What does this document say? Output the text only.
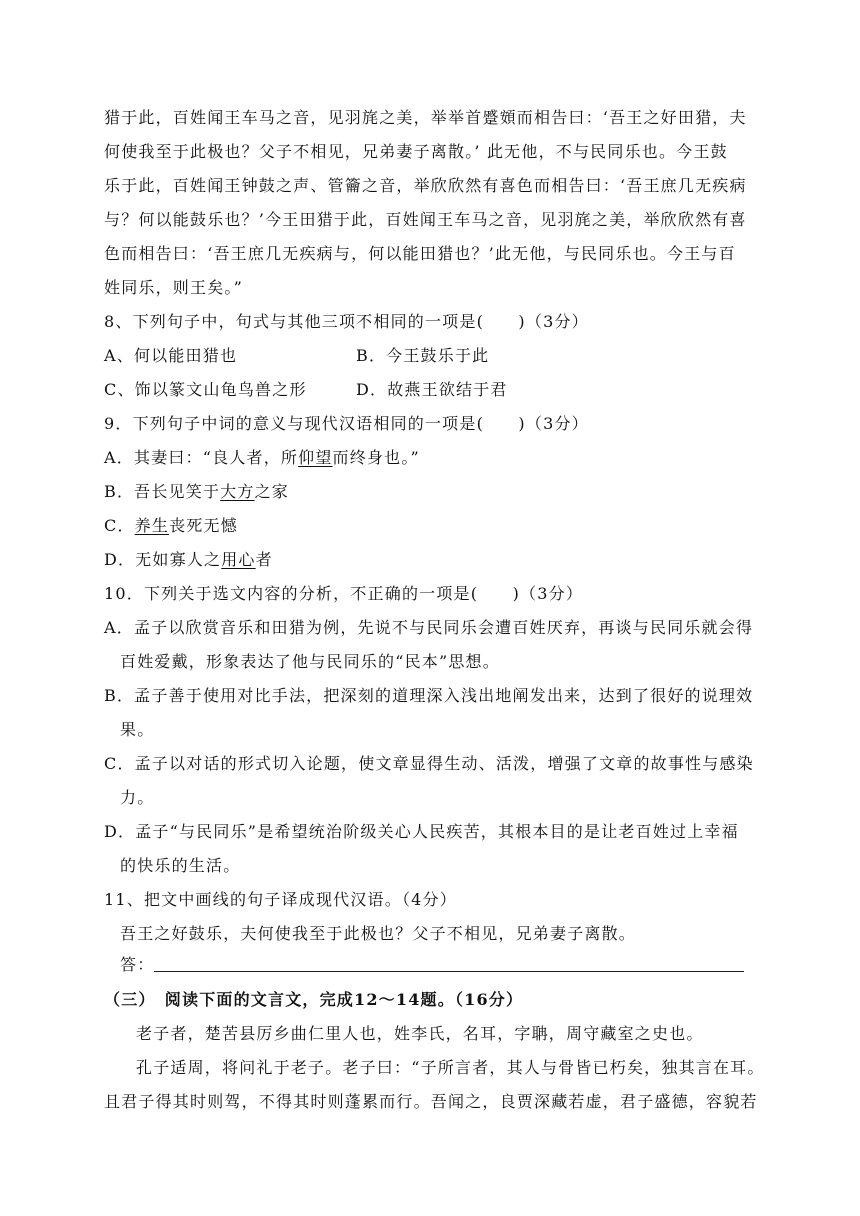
猎于此，百姓闻王车马之音，见羽旄之美，举举首蹙頞而相告曰：‘吾王之好田猎，夫
何使我至于此极也？父子不相见，兄弟妻子离散。’ 此无他，不与民同乐也。今王鼓
乐于此，百姓闻王钟鼓之声、管籥之音，举欣欣然有喜色而相告曰：‘吾王庶几无疾病
与？何以能鼓乐也？’今王田猎于此，百姓闻王车马之音，见羽旄之美，举欣欣然有喜
色而相告曰：‘吾王庶几无疾病与，何以能田猎也？’此无他，与民同乐也。今王与百
姓同乐，则王矣。”
8、下列句子中，句式与其他三项不相同的一项是(　　)（3分）
A、何以能田猎也	B．今王鼓乐于此
C、饰以篆文山龟鸟兽之形	D．故燕王欲结于君
9．下列句子中词的意义与现代汉语相同的一项是(　　)（3分）
A．其妻曰：“良人者，所仰望而终身也。”
B．吾长见笑于大方之家
C．养生丧死无憾
D．无如寡人之用心者
10．下列关于选文内容的分析，不正确的一项是(　　)（3分）
A．孟子以欣赏音乐和田猎为例，先说不与民同乐会遭百姓厌弃，再谈与民同乐就会得
百姓爱戴，形象表达了他与民同乐的“民本”思想。
B．孟子善于使用对比手法，把深刻的道理深入浅出地阐发出来，达到了很好的说理效
果。
C．孟子以对话的形式切入论题，使文章显得生动、活泼，增强了文章的故事性与感染
力。
D．孟子“与民同乐”是希望统治阶级关心人民疾苦，其根本目的是让老百姓过上幸福
的快乐的生活。
11、把文中画线的句子译成现代汉语。（4分）
吾王之好鼓乐，夫何使我至于此极也？父子不相见，兄弟妻子离散。
答：
（三）　阅读下面的文言文，完成12～14题。（16分）
老子者，楚苦县厉乡曲仁里人也，姓李氏，名耳，字聃，周守藏室之史也。
孔子适周，将问礼于老子。老子曰：“子所言者，其人与骨皆已朽矣，独其言在耳。
且君子得其时则驾，不得其时则蓬累而行。吾闻之，良贾深藏若虚，君子盛德，容貌若
